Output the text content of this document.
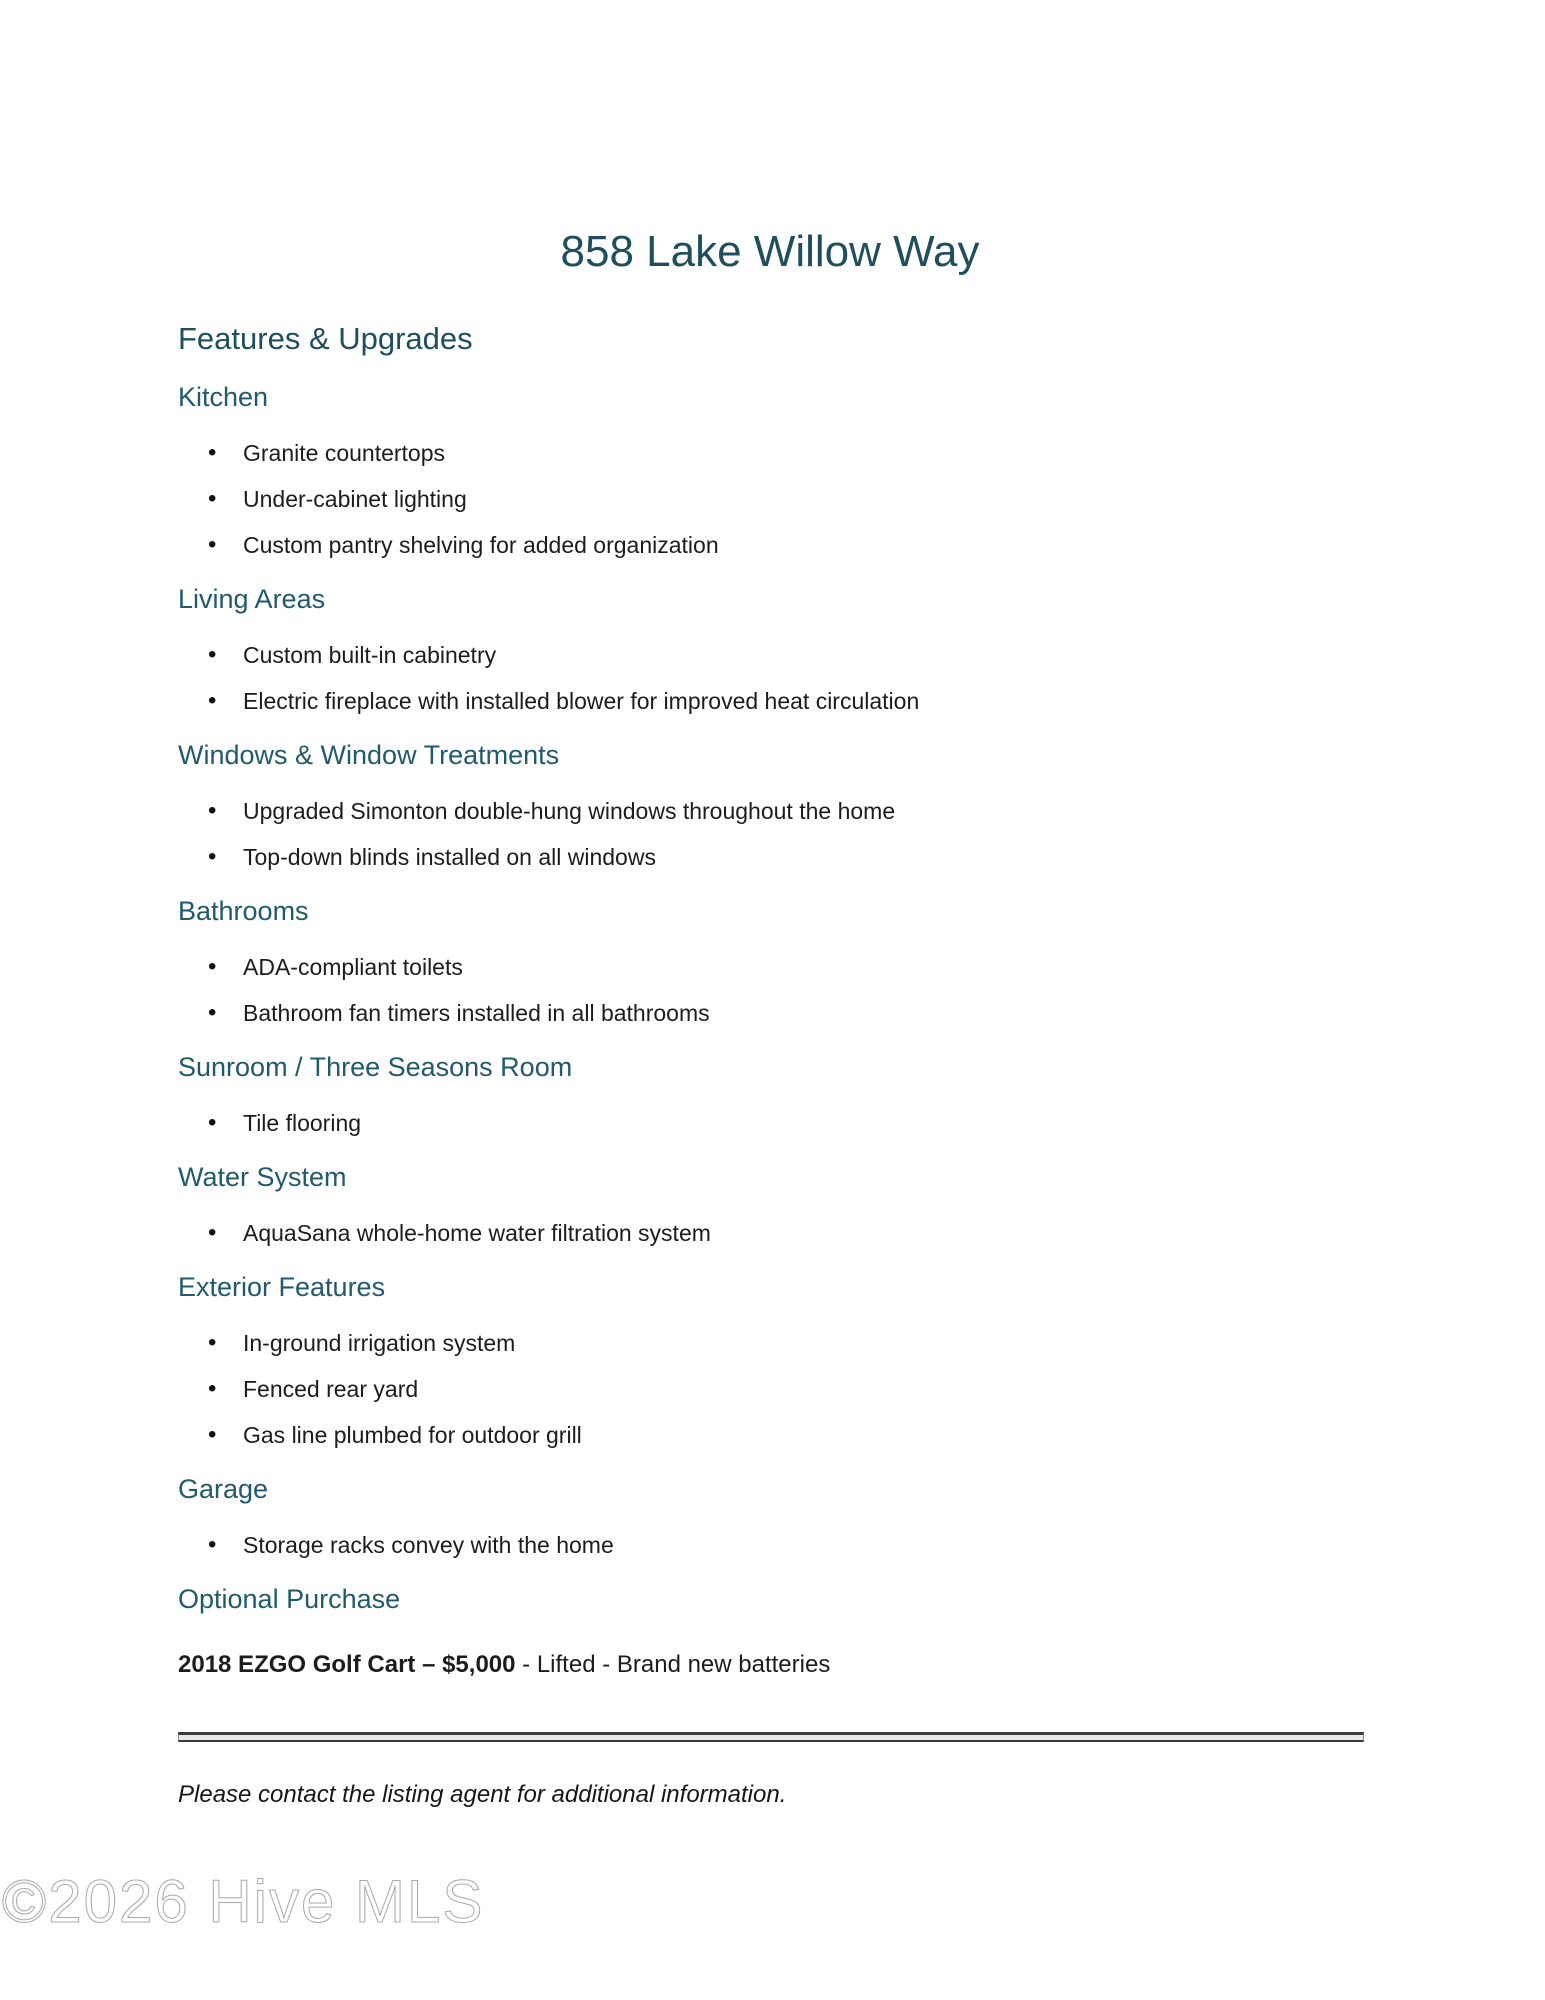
858 Lake Willow Way
Features & Upgrades
Kitchen
• Granite countertops
• Under-cabinet lighting
• Custom pantry shelving for added organization
Living Areas
• Custom built-in cabinetry
• Electric fireplace with installed blower for improved heat circulation
Windows & Window Treatments
• Upgraded Simonton double-hung windows throughout the home
• Top-down blinds installed on all windows
Bathrooms
• ADA-compliant toilets
• Bathroom fan timers installed in all bathrooms
Sunroom / Three Seasons Room
• Tile flooring
Water System
• AquaSana whole-home water filtration system
Exterior Features
• In-ground irrigation system
• Fenced rear yard
• Gas line plumbed for outdoor grill
Garage
• Storage racks convey with the home
Optional Purchase

2018 EZGO Golf Cart – $5,000 - Lifted - Brand new batteries

Please contact the listing agent for additional information.

©2026 Hive MLS
